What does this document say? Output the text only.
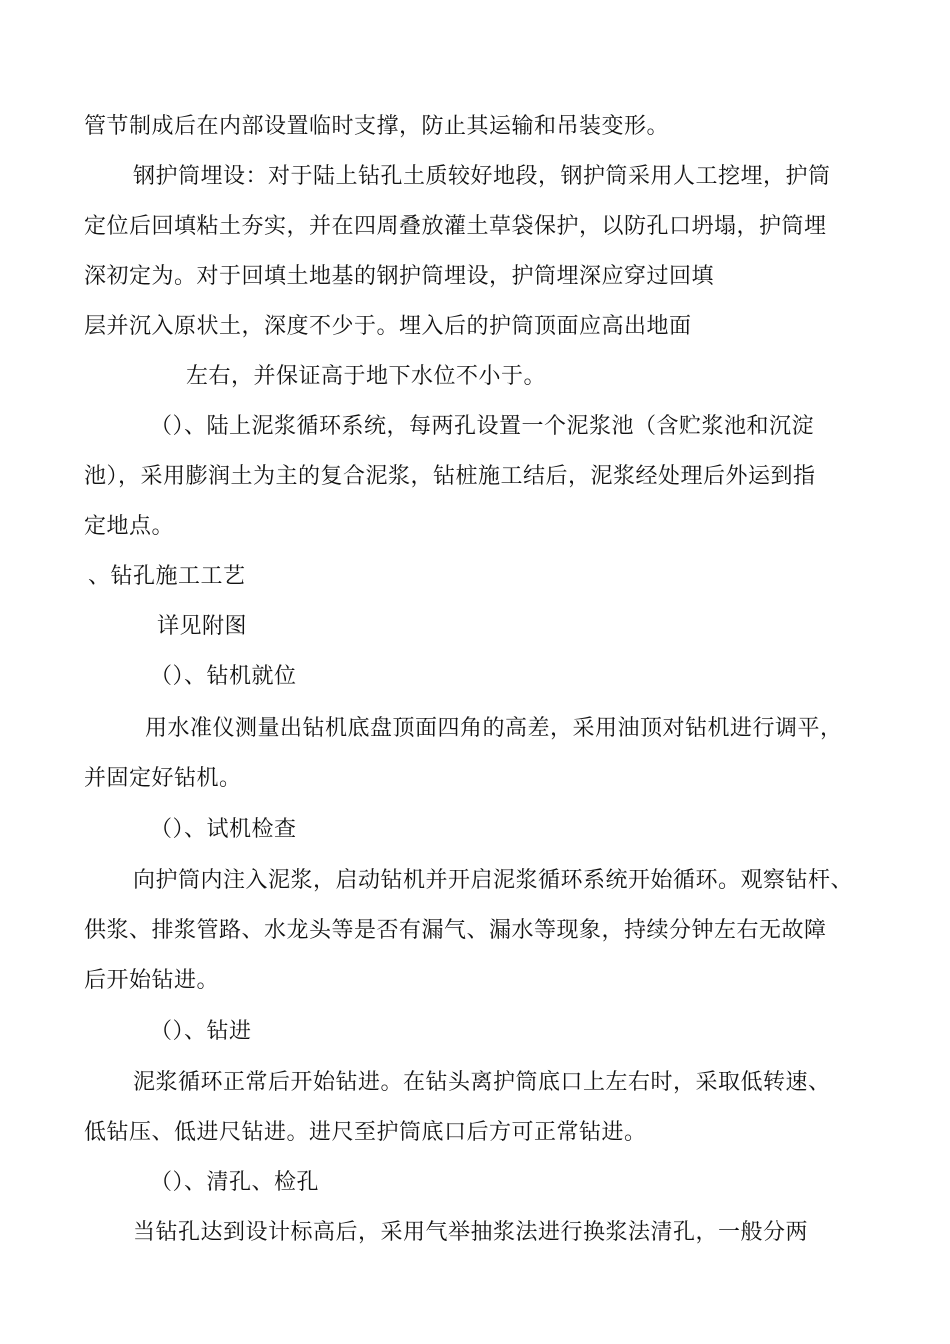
管节制成后在内部设置临时支撑，防止其运输和吊装变形。
钢护筒埋设：对于陆上钻孔土质较好地段，钢护筒采用人工挖埋，护筒
定位后回填粘土夯实，并在四周叠放灌土草袋保护，以防孔口坍塌，护筒埋
深初定为。对于回填土地基的钢护筒埋设，护筒埋深应穿过回填
层并沉入原状土，深度不少于。埋入后的护筒顶面应高出地面
左右，并保证高于地下水位不小于。
（）、陆上泥浆循环系统，每两孔设置一个泥浆池（含贮浆池和沉淀
池），采用膨润土为主的复合泥浆，钻桩施工结后，泥浆经处理后外运到指
定地点。
、钻孔施工工艺
详见附图
（）、钻机就位
用水准仪测量出钻机底盘顶面四角的高差，采用油顶对钻机进行调平，
并固定好钻机。
（）、试机检查
向护筒内注入泥浆，启动钻机并开启泥浆循环系统开始循环。观察钻杆、
供浆、排浆管路、水龙头等是否有漏气、漏水等现象，持续分钟左右无故障
后开始钻进。
（）、钻进
泥浆循环正常后开始钻进。在钻头离护筒底口上左右时，采取低转速、
低钻压、低进尺钻进。进尺至护筒底口后方可正常钻进。
（）、清孔、检孔
当钻孔达到设计标高后，采用气举抽浆法进行换浆法清孔，一般分两
